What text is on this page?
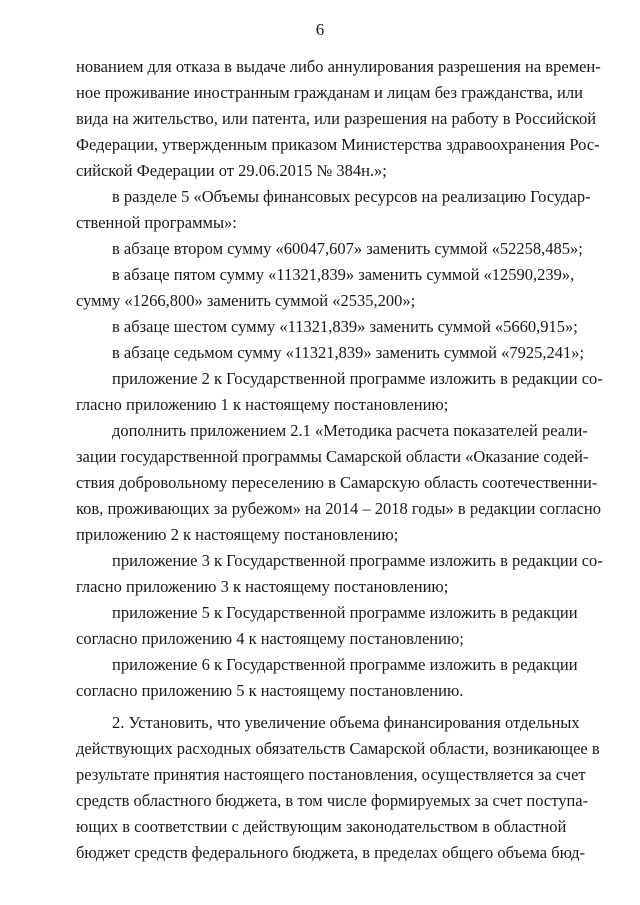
6
нованием для отказа в выдаче либо аннулирования разрешения на времен-
ное проживание иностранным гражданам и лицам без гражданства, или
вида на жительство, или патента, или разрешения на работу в Российской
Федерации, утвержденным приказом Министерства здравоохранения Рос-
сийской Федерации от 29.06.2015 № 384н.»;
в разделе 5 «Объемы финансовых ресурсов на реализацию Государ-
ственной программы»:
в абзаце втором сумму «60047,607» заменить суммой «52258,485»;
в абзаце пятом сумму «11321,839» заменить суммой «12590,239»,
сумму «1266,800» заменить суммой «2535,200»;
в абзаце шестом сумму «11321,839» заменить суммой «5660,915»;
в абзаце седьмом сумму «11321,839» заменить суммой «7925,241»;
приложение 2 к Государственной программе изложить в редакции со-
гласно приложению 1 к настоящему постановлению;
дополнить приложением 2.1 «Методика расчета показателей реали-
зации государственной программы Самарской области «Оказание содей-
ствия добровольному переселению в Самарскую область соотечественни-
ков, проживающих за рубежом» на 2014 – 2018 годы» в редакции согласно
приложению 2 к настоящему постановлению;
приложение 3 к Государственной программе изложить в редакции со-
гласно приложению 3 к настоящему постановлению;
приложение 5 к Государственной программе изложить в редакции
согласно приложению 4 к настоящему постановлению;
приложение 6 к Государственной программе изложить в редакции
согласно приложению 5 к настоящему постановлению.
2. Установить, что увеличение объема финансирования отдельных
действующих расходных обязательств Самарской области, возникающее в
результате принятия настоящего постановления, осуществляется за счет
средств областного бюджета, в том числе формируемых за счет поступа-
ющих в соответствии с действующим законодательством в областной
бюджет средств федерального бюджета, в пределах общего объема бюд-
